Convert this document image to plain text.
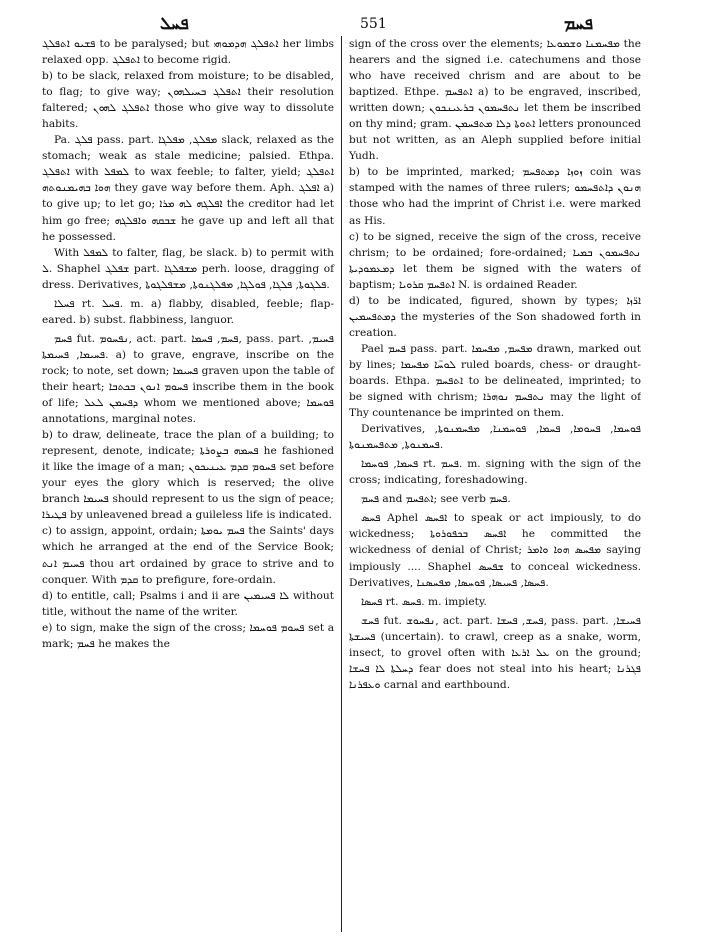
ܦܚܠ	551	ܦܚܡ

ܦܫܝܘ ܐܬܦܠܓ to be paralysed; but ܐܬܦܠܓ ܗܕܡܘܗܝ her limbs relaxed opp. ܐܬܦܠܓ to become rigid.

b) to be slack, relaxed from moisture; to be disabled, to flag; to give way; ܐܬܦܠܓ ܒܚܝܠܗܘܢ their resolution faltered; ܐܬܦܠܓ ܠܗܘܢ those who give way to dissolute habits.

Pa. ܦܠܓ pass. part. ܡܦܠܓ, ܡܦܠܓܐ slack, relaxed as the stomach; weak as stale medicine; palsied. Ethpa. ܐܬܦܠܓ with ܠܡܦܠ to wax feeble; to falter, yield; ܐܬܦܠܓ ܗܘܐ ܒܗܝܡܢܘܬܗ they gave way before them. Aph. ܐܦܠܓ a) to give up; to let go; ܐܦܠܓܗ ܠܗ ܡܪܐ the creditor had let him go free; ܫܒܩܗ ܘܐܦܠܓܗ he gave up and left all that he possessed.

With ܠܡܦܠ to falter, flag, be slack. b) to permit with ܠ. Shaphel ܫܦܠܓ part. ܡܫܦܠܓܐ perh. loose, dragging of dress. Derivatives, ܦܠܓܘܬܐ, ܦܠܓܐ, ܦܘܠܓܐ, ܡܦܠܓܢܘܬܐ, ܡܫܦܠܓܘܬܐ.

ܦܚܠܐ rt. ܦܚܠ. m. a) flabby, disabled, feeble; flap-eared. b) subst. flabbiness, languor.

ܦܚܡ fut. ܢܦܚܘܡ, act. part. ܦܚܡ, ܦܚܡܐ, pass. part. ܦܚܝܡ, ܦܚܝܡܐ, ܦܚܝܡܬܐ. a) to grave, engrave, inscribe on the rock; to note, set down; ܦܚܝܡܐ graven upon the table of their heart; ܦܚܘܡ ܐܢܘܢ ܒܟܬܒܐ inscribe them in the book of life; ܕܦܚܡܢ ܠܥܠ whom we mentioned above; ܦܘܚܡܐ annotations, marginal notes.

b) to draw, delineate, trace the plan of a building; to represent, denote, indicate; ܦܚܡܗ ܒܨܘܪܬܐ he fashioned it like the image of a man; ܦܚܘܡ ܩܕܡ ܥܝܢܝܟܘܢ set before your eyes the glory which is reserved; the olive branch ܦܚܝܡܐ should represent to us the sign of peace; ܦܛܝܪܐ by unleavened bread a guileless life is indicated.

c) to assign, appoint, ordain; ܦܚܡ ܝܘܡܬܐ the Saints' days which he arranged at the end of the Service Book; ܦܚܝܡ ܐܢܬ thou art ordained by grace to strive and to conquer. With ܩܕܡ to prefigure, fore-ordain.

d) to entitle, call; Psalms i and ii are ܠܐ ܦܚܝܡܝܢ without title, without the name of the writer.

e) to sign, make the sign of the cross; ܦܚܘܡ ܦܘܚܡܐ set a mark; ܦܚܡ he makes the

sign of the cross over the elements; ܡܦܚܡܢܐ ܘܫܡܘܥܐ the hearers and the signed i.e. catechumens and those who have received chrism and are about to be baptized. Ethpe. ܐܬܦܚܡ a) to be engraved, inscribed, written down; ܢܬܦܚܡܘܢ ܒܪܥܝܢܟܘܢ let them be inscribed on thy mind; gram. ܐܬܘܬܐ ܕܠܐ ܡܬܦܚܡܢ letters pronounced but not written, as an Aleph supplied before initial Yudh.

b) to be imprinted, marked; ܙܘܙܐ ܕܡܬܦܚܡ coin was stamped with the names of three rulers; ܗܢܘܢ ܕܐܬܦܚܡܘ those who had the imprint of Christ i.e. were marked as His.

c) to be signed, receive the sign of the cross, receive chrism; to be ordained; fore-ordained; ܢܬܦܚܡܘܢ ܒܡܝܐ ܕܡܥܡܘܕܝܬܐ let them be signed with the waters of baptism; ܐܬܦܚܡ ܩܪܘܝܐ N. is ordained Reader.

d) to be indicated, figured, shown by types; ܐܪ̈ܙܐ ܕܡܬܦܚܡܝܢ the mysteries of the Son shadowed forth in creation.

Pael ܦܚܡ pass. part. ܡܦܚܡ, ܡܦܚܡܐ drawn, marked out by lines; ܠܘܚ̈ܐ ܡܦܚܡܐ ruled boards, chess- or draught-boards. Ethpa. ܐܬܦܚܡ to be delineated, imprinted; to be signed with chrism; ܢܬܦܚܡ ܢܘܗܪܐ may the light of Thy countenance be imprinted on them.

Derivatives, ܦܘܚܡܐ, ܦܚܘܡܐ, ܦܚܡܐ, ܦܘܚܡܢܐ, ܡܦܚܡܢܘܬܐ, ܦܚܡܢܘܬܐ, ܡܬܦܚܡܢܘܬܐ.

ܦܚܡܐ, ܦܘܚܡܐ rt. ܦܚܡ. m. signing with the sign of the cross; indicating, foreshadowing.

ܦܚܡ and ܐܬܦܚܡ; see verb ܦܚܡ.

ܦܚܣ Aphel ܐܦܚܣ to speak or act impiously, to do wickedness; ܐܦܚܣ ܒܟܦܘܪܘܬܐ he committed the wickedness of denial of Christ; ܡܦܚܣ ܗܘܐ ܘܐܡܪ saying impiously .... Shaphel ܫܦܚܣ to conceal wickedness. Derivatives, ܦܚܣܐ, ܦܚܝܣܐ, ܦܘܚܣܐ, ܡܦܚܣܢܐ.

ܦܚܣܐ rt. ܦܚܣ. m. impiety.

ܦܚܫ fut. ܢܦܚܘܫ, act. part. ܦܚܫ, ܦܚܫܐ, pass. part. ܦܚܝܫܐ, ܦܚܝܫܬܐ (uncertain). to crawl, creep as a snake, worm, insect, to grovel often with ܥܠ ܐܪܥܐ on the ground; ܕܚܠܬܐ ܠܐ ܦܚܫܐ fear does not steal into his heart; ܦܓܪܢܐ ܘܥܦܪܢܐ carnal and earthbound.
